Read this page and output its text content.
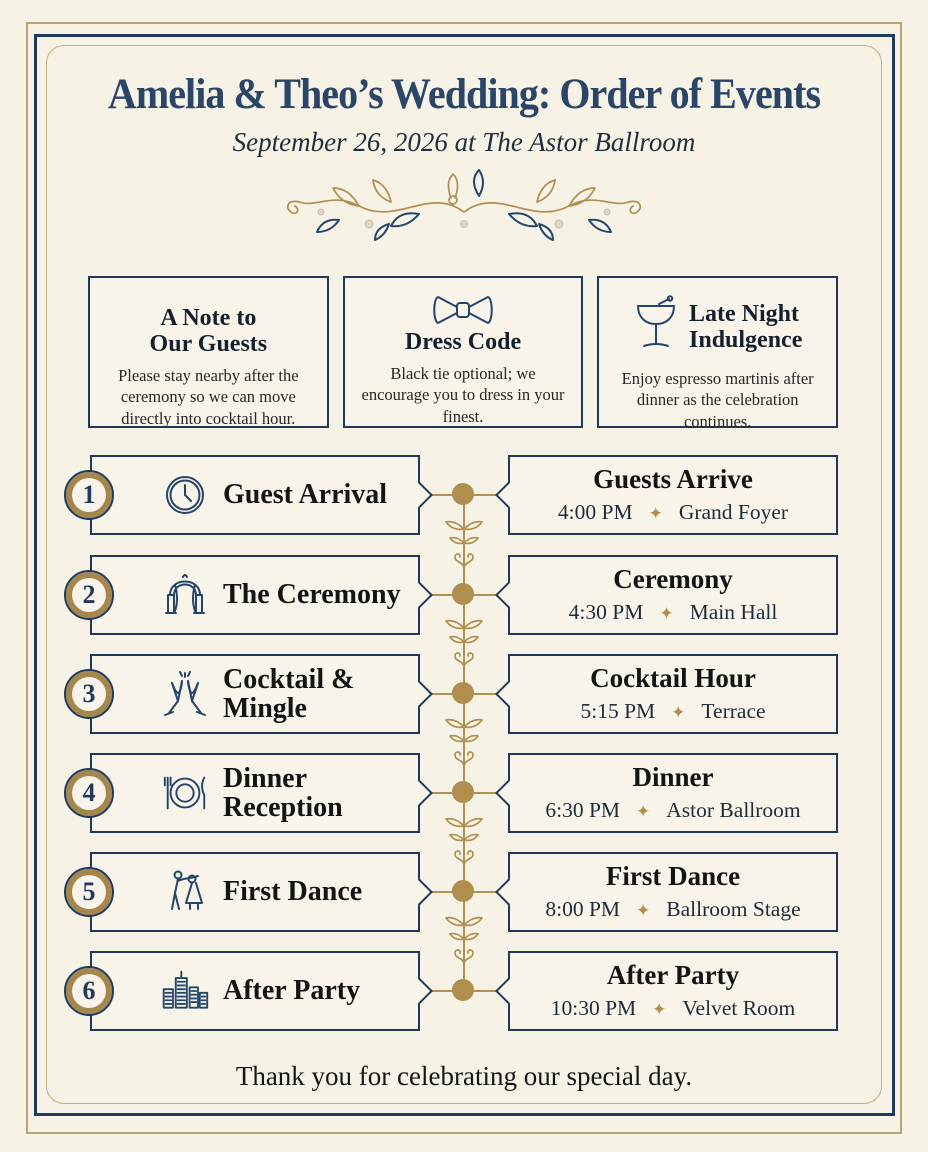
Amelia & Theo’s Wedding: Order of Events

September 26, 2026 at The Astor Ballroom

A Note to
Our Guests
Please stay nearby after the ceremony so we can move directly into cocktail hour.
Dress Code
Black tie optional; we encourage you to dress in your finest.
Late Night
Indulgence
Enjoy espresso martinis after dinner as the celebration continues.
1	Guest Arrival
Guests Arrive
4:00 PM ✦ Grand Foyer
2	The Ceremony
Ceremony
4:30 PM ✦ Main Hall
3	Cocktail & Mingle
Cocktail Hour
5:15 PM ✦ Terrace
4	Dinner Reception
Dinner
6:30 PM ✦ Astor Ballroom
5	First Dance
First Dance
8:00 PM ✦ Ballroom Stage
6	After Party
After Party
10:30 PM ✦ Velvet Room

Thank you for celebrating our special day.
